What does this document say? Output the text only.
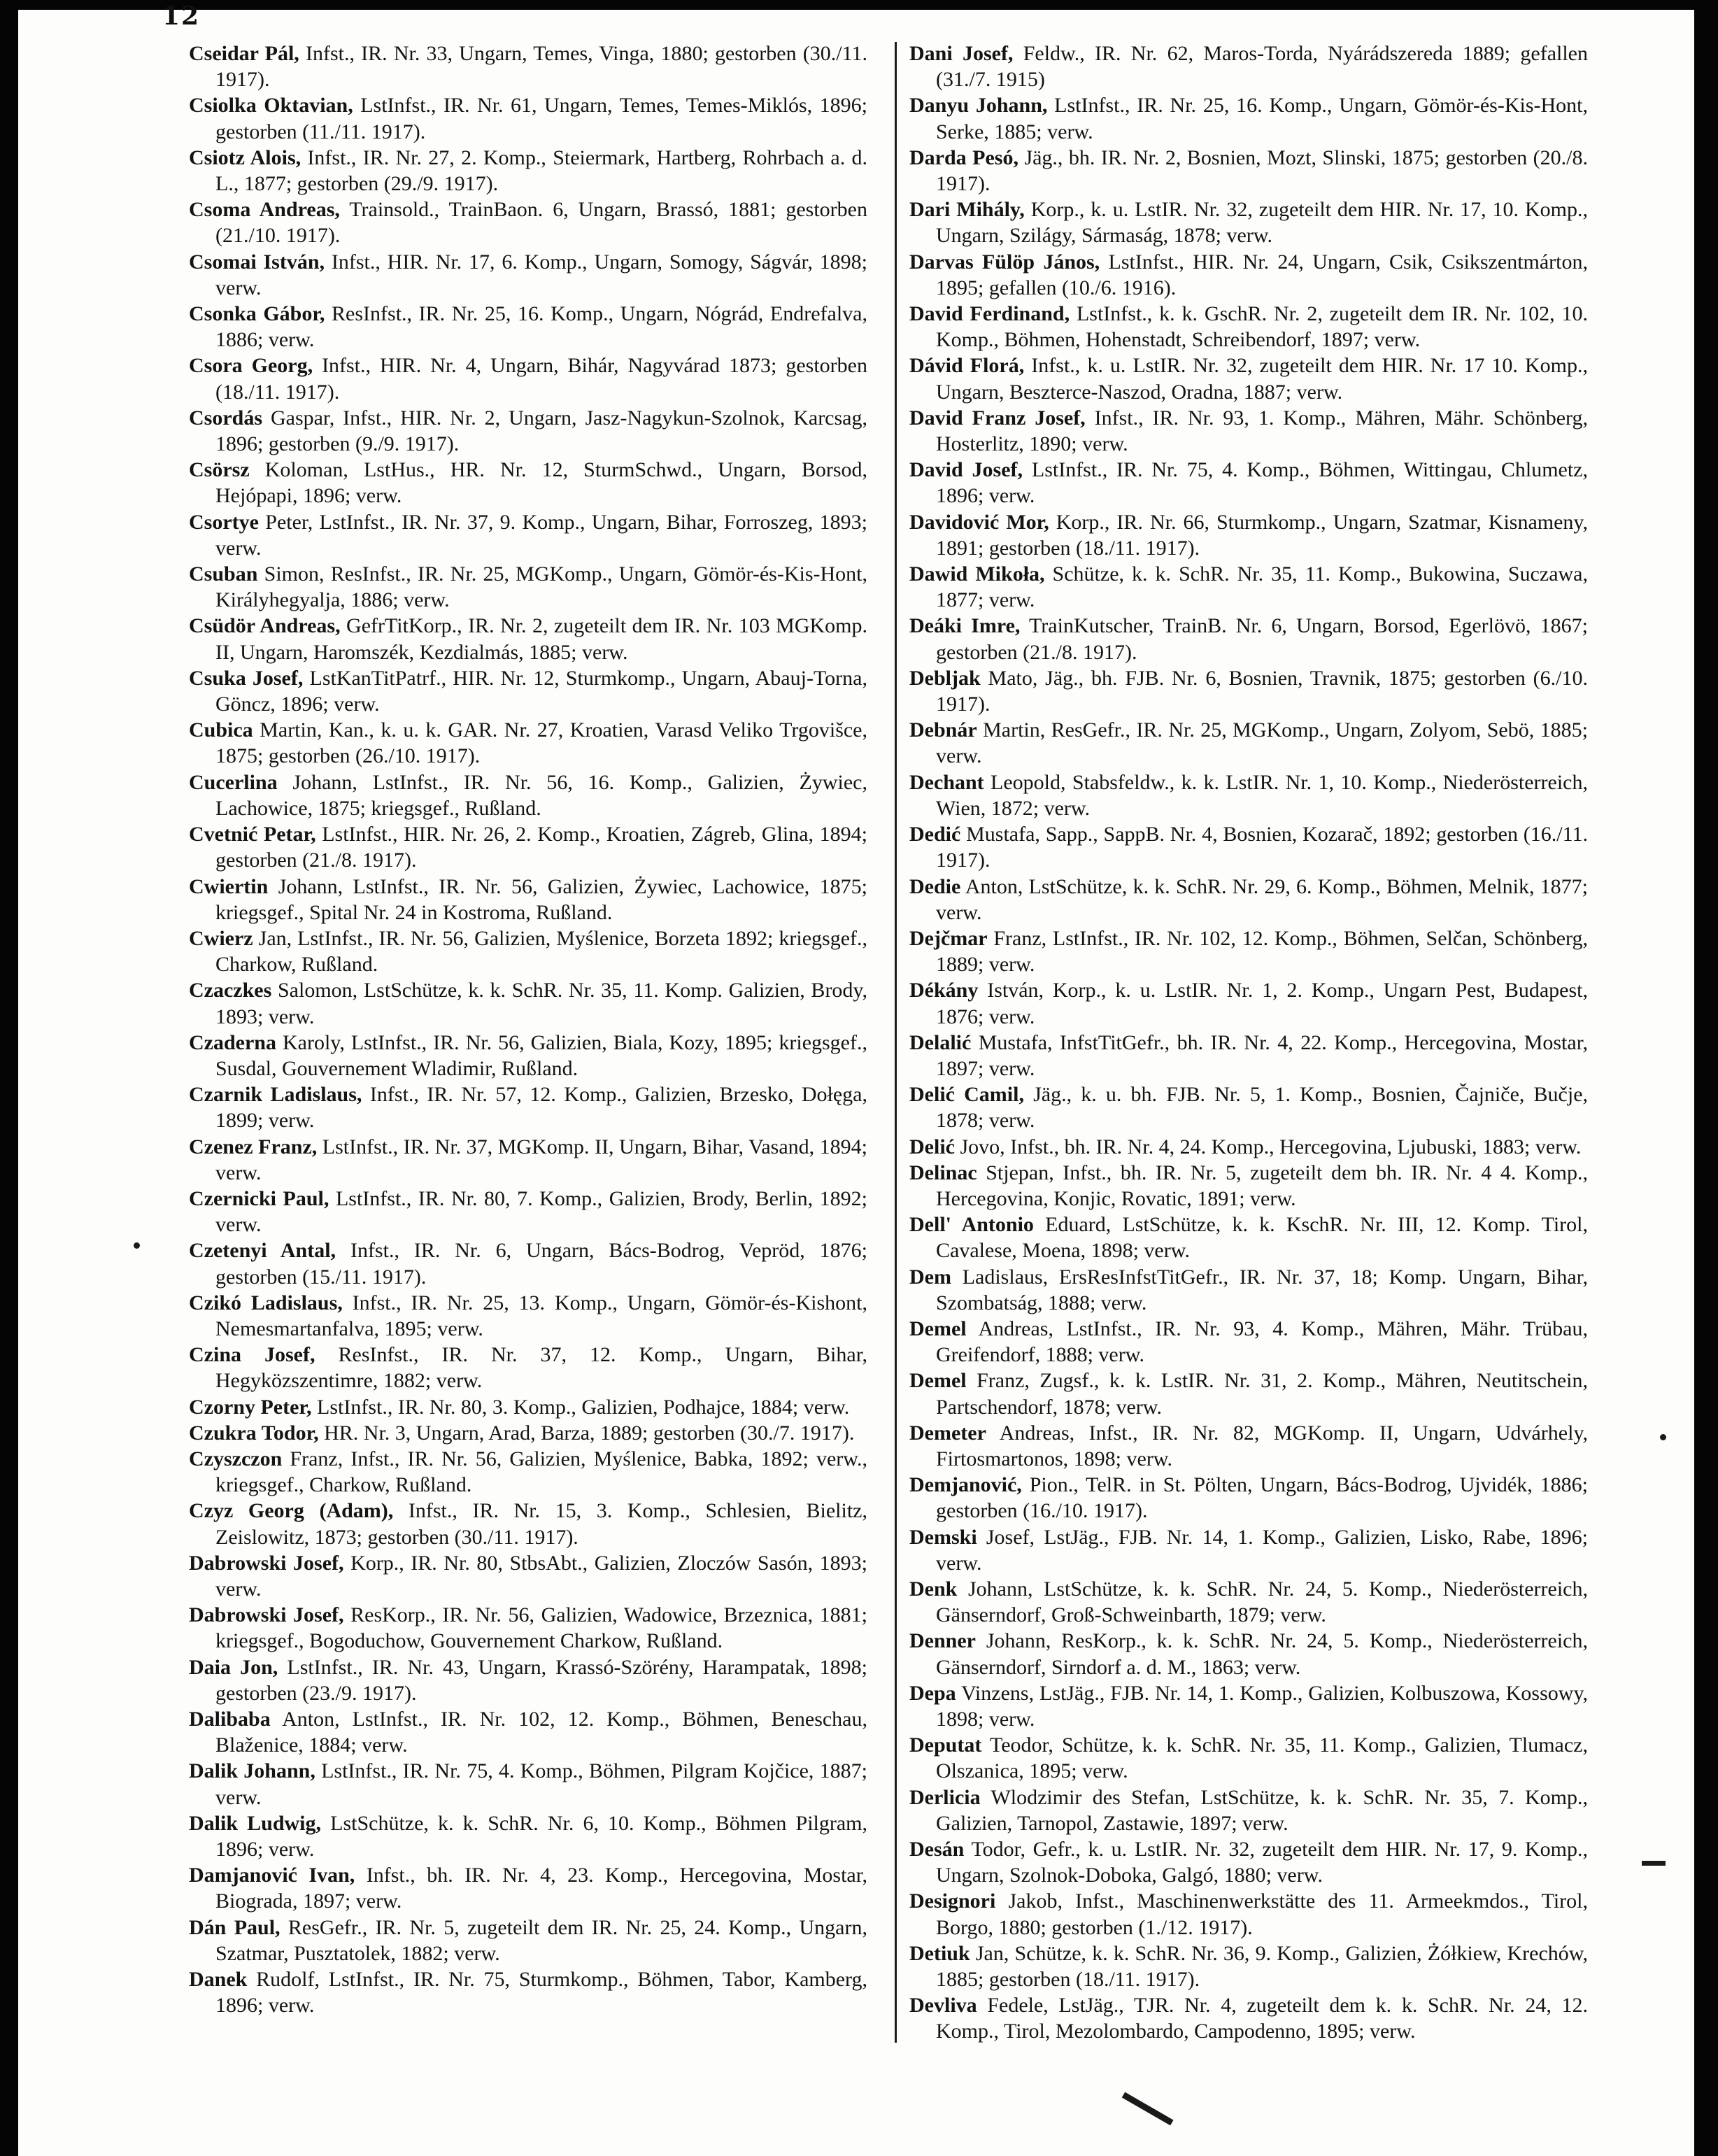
12

Cseidar Pál, Infst., IR. Nr. 33, Ungarn, Temes, Vinga, 1880; gestorben (30./11. 1917).

Csiolka Oktavian, LstInfst., IR. Nr. 61, Ungarn, Temes, Temes-Miklós, 1896; gestorben (11./11. 1917).

Csiotz Alois, Infst., IR. Nr. 27, 2. Komp., Steiermark, Hartberg, Rohrbach a. d. L., 1877; gestorben (29./9. 1917).

Csoma Andreas, Trainsold., TrainBaon. 6, Ungarn, Brassó, 1881; gestorben (21./10. 1917).

Csomai István, Infst., HIR. Nr. 17, 6. Komp., Ungarn, Somogy, Ságvár, 1898; verw.

Csonka Gábor, ResInfst., IR. Nr. 25, 16. Komp., Ungarn, Nógrád, Endrefalva, 1886; verw.

Csora Georg, Infst., HIR. Nr. 4, Ungarn, Bihár, Nagyvárad 1873; gestorben (18./11. 1917).

Csordás Gaspar, Infst., HIR. Nr. 2, Ungarn, Jasz-Nagykun-Szolnok, Karcsag, 1896; gestorben (9./9. 1917).

Csörsz Koloman, LstHus., HR. Nr. 12, SturmSchwd., Ungarn, Borsod, Hejópapi, 1896; verw.

Csortye Peter, LstInfst., IR. Nr. 37, 9. Komp., Ungarn, Bihar, Forroszeg, 1893; verw.

Csuban Simon, ResInfst., IR. Nr. 25, MGKomp., Ungarn, Gömör-és-Kis-Hont, Királyhegyalja, 1886; verw.

Csüdör Andreas, GefrTitKorp., IR. Nr. 2, zugeteilt dem IR. Nr. 103 MGKomp. II, Ungarn, Haromszék, Kezdialmás, 1885; verw.

Csuka Josef, LstKanTitPatrf., HIR. Nr. 12, Sturmkomp., Ungarn, Abauj-Torna, Göncz, 1896; verw.

Cubica Martin, Kan., k. u. k. GAR. Nr. 27, Kroatien, Varasd Veliko Trgovišce, 1875; gestorben (26./10. 1917).

Cucerlina Johann, LstInfst., IR. Nr. 56, 16. Komp., Galizien, Żywiec, Lachowice, 1875; kriegsgef., Rußland.

Cvetnić Petar, LstInfst., HIR. Nr. 26, 2. Komp., Kroatien, Zágreb, Glina, 1894; gestorben (21./8. 1917).

Cwiertin Johann, LstInfst., IR. Nr. 56, Galizien, Żywiec, Lachowice, 1875; kriegsgef., Spital Nr. 24 in Kostroma, Rußland.

Cwierz Jan, LstInfst., IR. Nr. 56, Galizien, Myślenice, Borzeta 1892; kriegsgef., Charkow, Rußland.

Czaczkes Salomon, LstSchütze, k. k. SchR. Nr. 35, 11. Komp. Galizien, Brody, 1893; verw.

Czaderna Karoly, LstInfst., IR. Nr. 56, Galizien, Biala, Kozy, 1895; kriegsgef., Susdal, Gouvernement Wladimir, Rußland.

Czarnik Ladislaus, Infst., IR. Nr. 57, 12. Komp., Galizien, Brzesko, Dołęga, 1899; verw.

Czenez Franz, LstInfst., IR. Nr. 37, MGKomp. II, Ungarn, Bihar, Vasand, 1894; verw.

Czernicki Paul, LstInfst., IR. Nr. 80, 7. Komp., Galizien, Brody, Berlin, 1892; verw.

Czetenyi Antal, Infst., IR. Nr. 6, Ungarn, Bács-Bodrog, Vepröd, 1876; gestorben (15./11. 1917).

Czikó Ladislaus, Infst., IR. Nr. 25, 13. Komp., Ungarn, Gömör-és-Kishont, Nemesmartanfalva, 1895; verw.

Czina Josef, ResInfst., IR. Nr. 37, 12. Komp., Ungarn, Bihar, Hegyközszentimre, 1882; verw.

Czorny Peter, LstInfst., IR. Nr. 80, 3. Komp., Galizien, Podhajce, 1884; verw.

Czukra Todor, HR. Nr. 3, Ungarn, Arad, Barza, 1889; gestorben (30./7. 1917).

Czyszczon Franz, Infst., IR. Nr. 56, Galizien, Myślenice, Babka, 1892; verw., kriegsgef., Charkow, Rußland.

Czyz Georg (Adam), Infst., IR. Nr. 15, 3. Komp., Schlesien, Bielitz, Zeislowitz, 1873; gestorben (30./11. 1917).

Dabrowski Josef, Korp., IR. Nr. 80, StbsAbt., Galizien, Zloczów Sasón, 1893; verw.

Dabrowski Josef, ResKorp., IR. Nr. 56, Galizien, Wadowice, Brzeznica, 1881; kriegsgef., Bogoduchow, Gouvernement Charkow, Rußland.

Daia Jon, LstInfst., IR. Nr. 43, Ungarn, Krassó-Szörény, Harampatak, 1898; gestorben (23./9. 1917).

Dalibaba Anton, LstInfst., IR. Nr. 102, 12. Komp., Böhmen, Beneschau, Blaženice, 1884; verw.

Dalik Johann, LstInfst., IR. Nr. 75, 4. Komp., Böhmen, Pilgram Kojčice, 1887; verw.

Dalik Ludwig, LstSchütze, k. k. SchR. Nr. 6, 10. Komp., Böhmen Pilgram, 1896; verw.

Damjanović Ivan, Infst., bh. IR. Nr. 4, 23. Komp., Hercegovina, Mostar, Biograda, 1897; verw.

Dán Paul, ResGefr., IR. Nr. 5, zugeteilt dem IR. Nr. 25, 24. Komp., Ungarn, Szatmar, Pusztatolek, 1882; verw.

Danek Rudolf, LstInfst., IR. Nr. 75, Sturmkomp., Böhmen, Tabor, Kamberg, 1896; verw.

Dani Josef, Feldw., IR. Nr. 62, Maros-Torda, Nyárádszereda 1889; gefallen (31./7. 1915)

Danyu Johann, LstInfst., IR. Nr. 25, 16. Komp., Ungarn, Gömör-és-Kis-Hont, Serke, 1885; verw.

Darda Pesó, Jäg., bh. IR. Nr. 2, Bosnien, Mozt, Slinski, 1875; gestorben (20./8. 1917).

Dari Mihály, Korp., k. u. LstIR. Nr. 32, zugeteilt dem HIR. Nr. 17, 10. Komp., Ungarn, Szilágy, Sármaság, 1878; verw.

Darvas Fülöp János, LstInfst., HIR. Nr. 24, Ungarn, Csik, Csikszentmárton, 1895; gefallen (10./6. 1916).

David Ferdinand, LstInfst., k. k. GschR. Nr. 2, zugeteilt dem IR. Nr. 102, 10. Komp., Böhmen, Hohenstadt, Schreibendorf, 1897; verw.

Dávid Florá, Infst., k. u. LstIR. Nr. 32, zugeteilt dem HIR. Nr. 17 10. Komp., Ungarn, Beszterce-Naszod, Oradna, 1887; verw.

David Franz Josef, Infst., IR. Nr. 93, 1. Komp., Mähren, Mähr. Schönberg, Hosterlitz, 1890; verw.

David Josef, LstInfst., IR. Nr. 75, 4. Komp., Böhmen, Wittingau, Chlumetz, 1896; verw.

Davidović Mor, Korp., IR. Nr. 66, Sturmkomp., Ungarn, Szatmar, Kisnameny, 1891; gestorben (18./11. 1917).

Dawid Mikoła, Schütze, k. k. SchR. Nr. 35, 11. Komp., Bukowina, Suczawa, 1877; verw.

Deáki Imre, TrainKutscher, TrainB. Nr. 6, Ungarn, Borsod, Egerlövö, 1867; gestorben (21./8. 1917).

Debljak Mato, Jäg., bh. FJB. Nr. 6, Bosnien, Travnik, 1875; gestorben (6./10. 1917).

Debnár Martin, ResGefr., IR. Nr. 25, MGKomp., Ungarn, Zolyom, Sebö, 1885; verw.

Dechant Leopold, Stabsfeldw., k. k. LstIR. Nr. 1, 10. Komp., Niederösterreich, Wien, 1872; verw.

Dedić Mustafa, Sapp., SappB. Nr. 4, Bosnien, Kozarač, 1892; gestorben (16./11. 1917).

Dedie Anton, LstSchütze, k. k. SchR. Nr. 29, 6. Komp., Böhmen, Melnik, 1877; verw.

Dejčmar Franz, LstInfst., IR. Nr. 102, 12. Komp., Böhmen, Selčan, Schönberg, 1889; verw.

Dékány István, Korp., k. u. LstIR. Nr. 1, 2. Komp., Ungarn Pest, Budapest, 1876; verw.

Delalić Mustafa, InfstTitGefr., bh. IR. Nr. 4, 22. Komp., Hercegovina, Mostar, 1897; verw.

Delić Camil, Jäg., k. u. bh. FJB. Nr. 5, 1. Komp., Bosnien, Čajniče, Bučje, 1878; verw.

Delić Jovo, Infst., bh. IR. Nr. 4, 24. Komp., Hercegovina, Ljubuski, 1883; verw.

Delinac Stjepan, Infst., bh. IR. Nr. 5, zugeteilt dem bh. IR. Nr. 4 4. Komp., Hercegovina, Konjic, Rovatic, 1891; verw.

Dell' Antonio Eduard, LstSchütze, k. k. KschR. Nr. III, 12. Komp. Tirol, Cavalese, Moena, 1898; verw.

Dem Ladislaus, ErsResInfstTitGefr., IR. Nr. 37, 18; Komp. Ungarn, Bihar, Szombatság, 1888; verw.

Demel Andreas, LstInfst., IR. Nr. 93, 4. Komp., Mähren, Mähr. Trübau, Greifendorf, 1888; verw.

Demel Franz, Zugsf., k. k. LstIR. Nr. 31, 2. Komp., Mähren, Neutitschein, Partschendorf, 1878; verw.

Demeter Andreas, Infst., IR. Nr. 82, MGKomp. II, Ungarn, Udvárhely, Firtosmartonos, 1898; verw.

Demjanović, Pion., TelR. in St. Pölten, Ungarn, Bács-Bodrog, Ujvidék, 1886; gestorben (16./10. 1917).

Demski Josef, LstJäg., FJB. Nr. 14, 1. Komp., Galizien, Lisko, Rabe, 1896; verw.

Denk Johann, LstSchütze, k. k. SchR. Nr. 24, 5. Komp., Niederösterreich, Gänserndorf, Groß-Schweinbarth, 1879; verw.

Denner Johann, ResKorp., k. k. SchR. Nr. 24, 5. Komp., Niederösterreich, Gänserndorf, Sirndorf a. d. M., 1863; verw.

Depa Vinzens, LstJäg., FJB. Nr. 14, 1. Komp., Galizien, Kolbuszowa, Kossowy, 1898; verw.

Deputat Teodor, Schütze, k. k. SchR. Nr. 35, 11. Komp., Galizien, Tlumacz, Olszanica, 1895; verw.

Derlicia Wlodzimir des Stefan, LstSchütze, k. k. SchR. Nr. 35, 7. Komp., Galizien, Tarnopol, Zastawie, 1897; verw.

Desán Todor, Gefr., k. u. LstIR. Nr. 32, zugeteilt dem HIR. Nr. 17, 9. Komp., Ungarn, Szolnok-Doboka, Galgó, 1880; verw.

Designori Jakob, Infst., Maschinenwerkstätte des 11. Armeekmdos., Tirol, Borgo, 1880; gestorben (1./12. 1917).

Detiuk Jan, Schütze, k. k. SchR. Nr. 36, 9. Komp., Galizien, Żółkiew, Krechów, 1885; gestorben (18./11. 1917).

Devliva Fedele, LstJäg., TJR. Nr. 4, zugeteilt dem k. k. SchR. Nr. 24, 12. Komp., Tirol, Mezolombardo, Campodenno, 1895; verw.
